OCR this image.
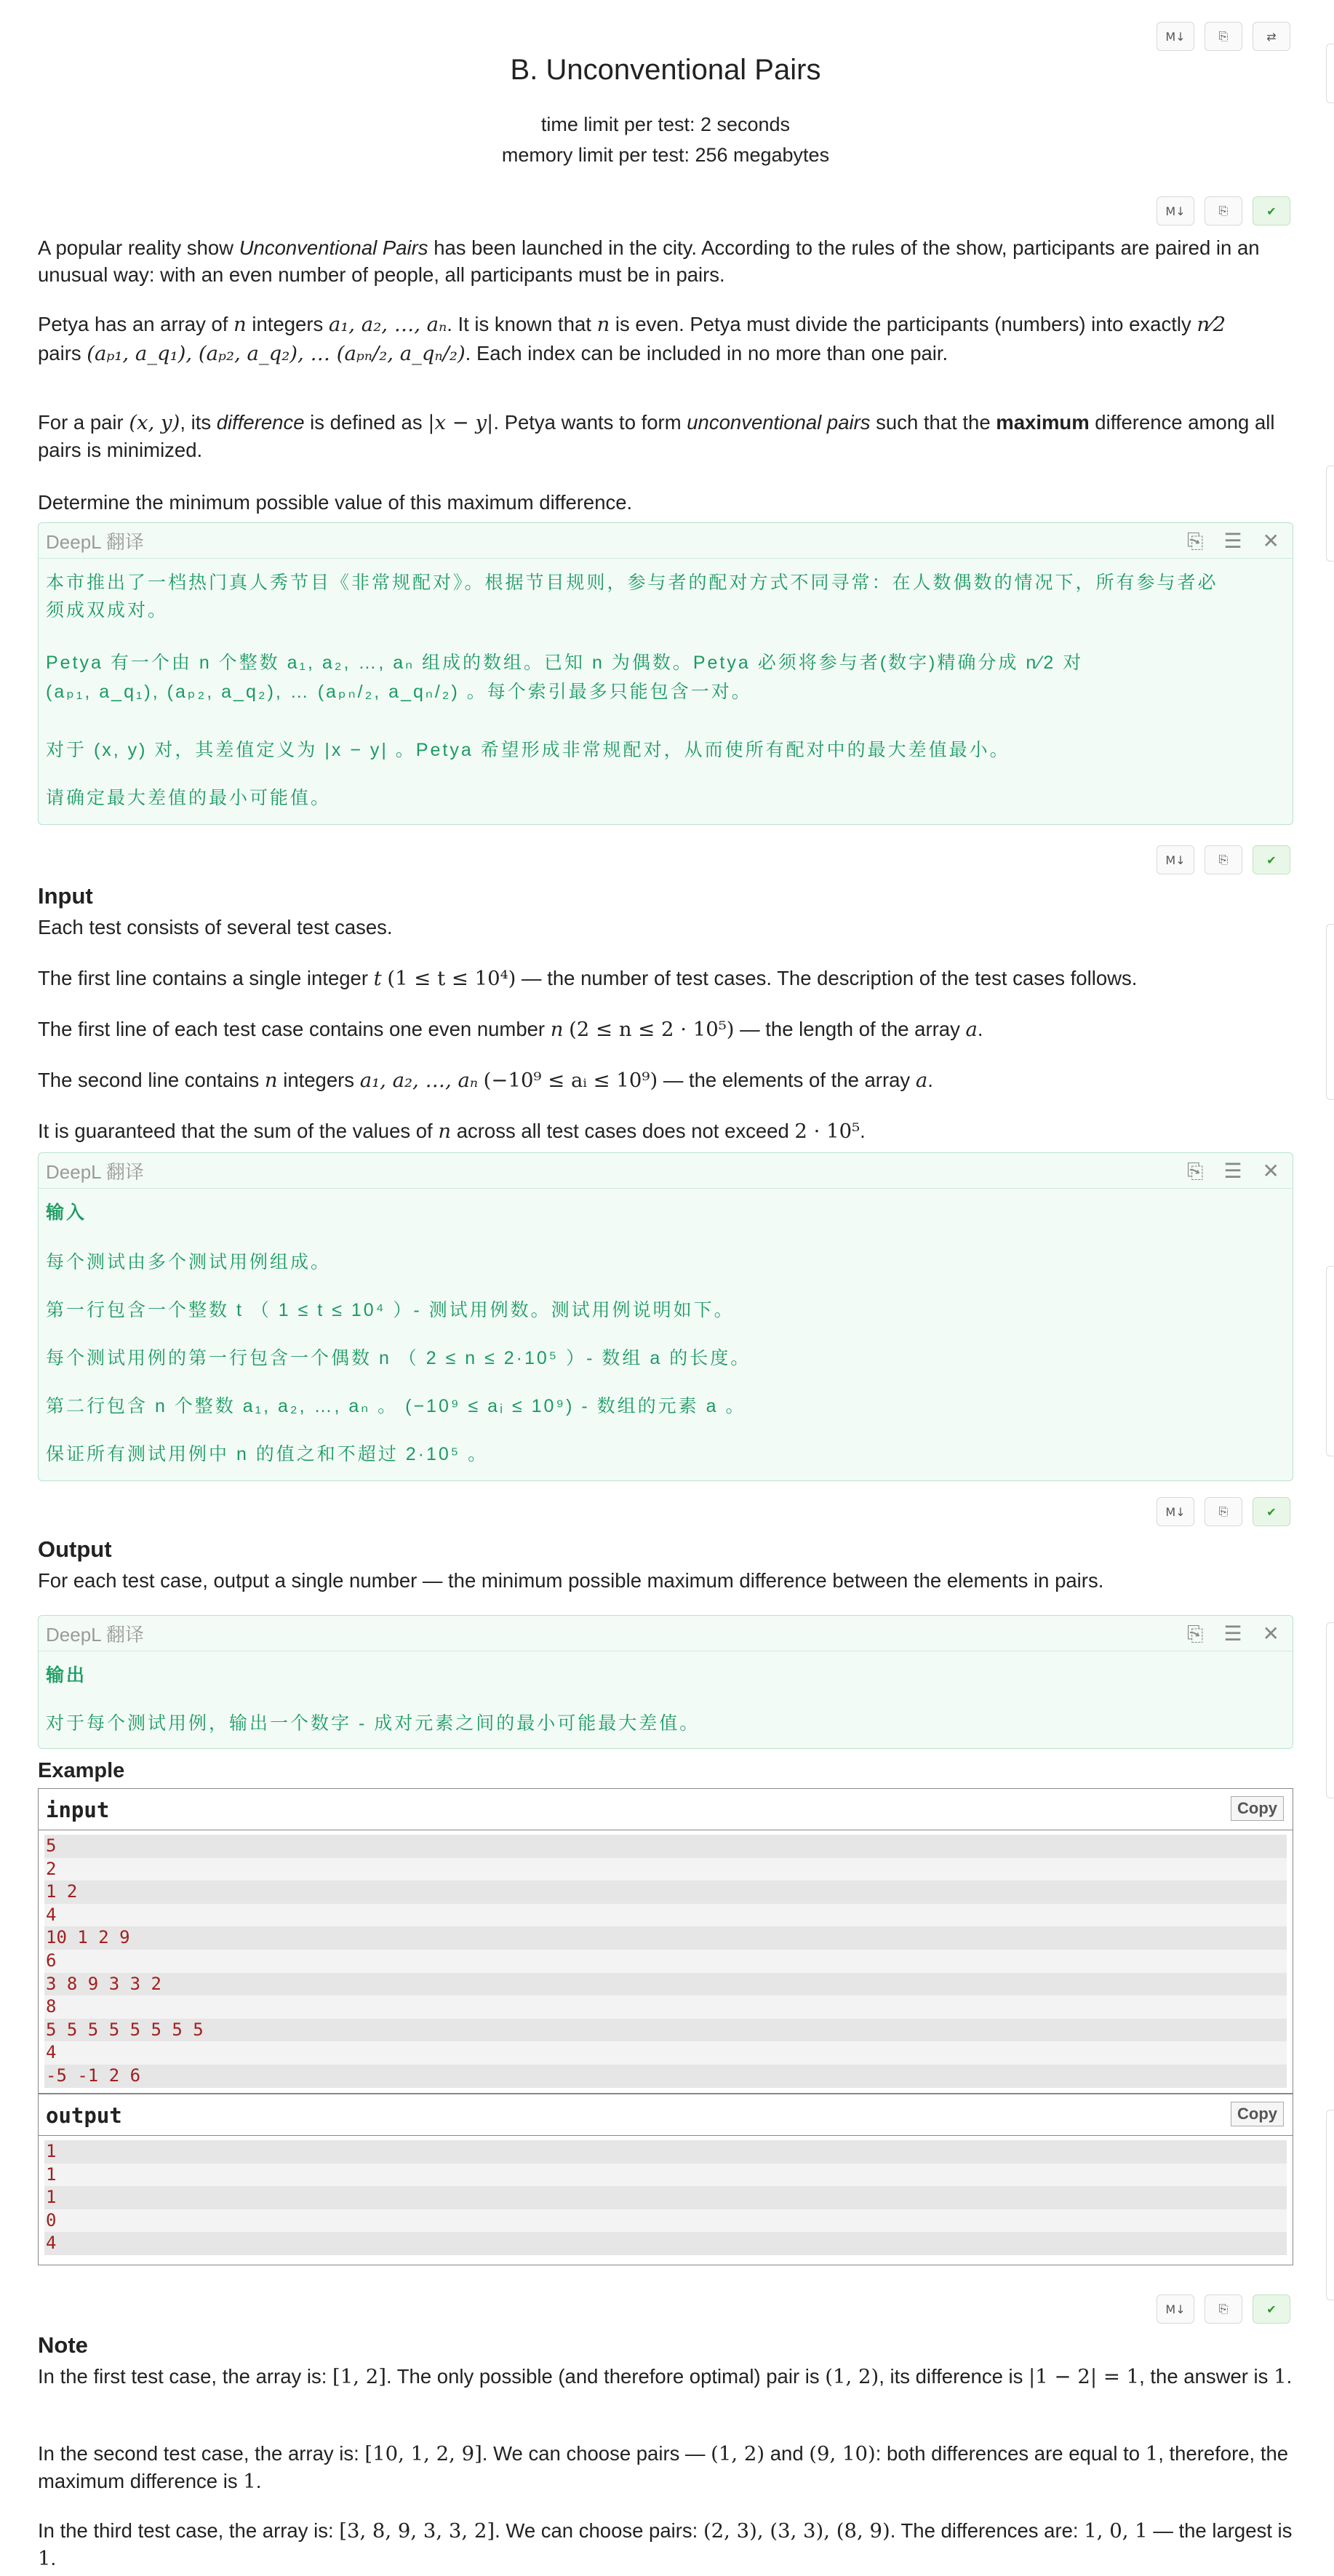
M↓	⎘	⇄
B. Unconventional Pairs
time limit per test: 2 seconds
memory limit per test: 256 megabytes
M↓	⎘	✔

A popular reality show Unconventional Pairs has been launched in the city. According to the rules of the show, participants are paired in an unusual way: with an even number of people, all participants must be in pairs.

Petya has an array of n integers a₁, a₂, …, aₙ. It is known that n is even. Petya must divide the participants (numbers) into exactly n⁄2
pairs (aₚ₁, a_q₁), (aₚ₂, a_q₂), … (aₚₙ/₂, a_qₙ/₂). Each index can be included in no more than one pair.

For a pair (x, y), its difference is defined as |x − y|. Petya wants to form unconventional pairs such that the maximum difference among all pairs is minimized.

Determine the minimum possible value of this maximum difference.

DeepL 翻译	⎘ ☰ ✕
本市推出了一档热门真人秀节目《非常规配对》。根据节目规则，参与者的配对方式不同寻常：在人数偶数的情况下，所有参与者必
须成双成对。
Petya 有一个由 n 个整数 a₁, a₂, …, aₙ 组成的数组。已知 n 为偶数。Petya 必须将参与者(数字)精确分成 n⁄2 对
(aₚ₁, a_q₁), (aₚ₂, a_q₂), … (aₚₙ/₂, a_qₙ/₂) 。每个索引最多只能包含一对。
对于 (x, y) 对，其差值定义为 |x − y| 。Petya 希望形成非常规配对，从而使所有配对中的最大差值最小。
请确定最大差值的最小可能值。
M↓	⎘	✔
Input

Each test consists of several test cases.

The first line contains a single integer t (1 ≤ t ≤ 10⁴) — the number of test cases. The description of the test cases follows.

The first line of each test case contains one even number n (2 ≤ n ≤ 2 · 10⁵) — the length of the array a.

The second line contains n integers a₁, a₂, …, aₙ (−10⁹ ≤ aᵢ ≤ 10⁹) — the elements of the array a.

It is guaranteed that the sum of the values of n across all test cases does not exceed 2 · 10⁵.

DeepL 翻译	⎘ ☰ ✕
输入
每个测试由多个测试用例组成。
第一行包含一个整数 t （ 1 ≤ t ≤ 10⁴ ）- 测试用例数。测试用例说明如下。
每个测试用例的第一行包含一个偶数 n （ 2 ≤ n ≤ 2·10⁵ ）- 数组 a 的长度。
第二行包含 n 个整数 a₁, a₂, …, aₙ 。 (−10⁹ ≤ aᵢ ≤ 10⁹) - 数组的元素 a 。
保证所有测试用例中 n 的值之和不超过 2·10⁵ 。
M↓	⎘	✔
Output

For each test case, output a single number — the minimum possible maximum difference between the elements in pairs.

DeepL 翻译	⎘ ☰ ✕
输出
对于每个测试用例，输出一个数字 - 成对元素之间的最小可能最大差值。
Example
input	Copy
5
2
1 2
4
10 1 2 9
6
3 8 9 3 3 2
8
5 5 5 5 5 5 5 5
4
-5 -1 2 6
output	Copy
1
1
1
0
4
M↓	⎘	✔
Note

In the first test case, the array is: [1, 2]. The only possible (and therefore optimal) pair is (1, 2), its difference is |1 − 2| = 1, the answer is 1.

In the second test case, the array is: [10, 1, 2, 9]. We can choose pairs — (1, 2) and (9, 10): both differences are equal to 1, therefore, the maximum difference is 1.

In the third test case, the array is: [3, 8, 9, 3, 3, 2]. We can choose pairs: (2, 3), (3, 3), (8, 9). The differences are: 1, 0, 1 — the largest is 1.
